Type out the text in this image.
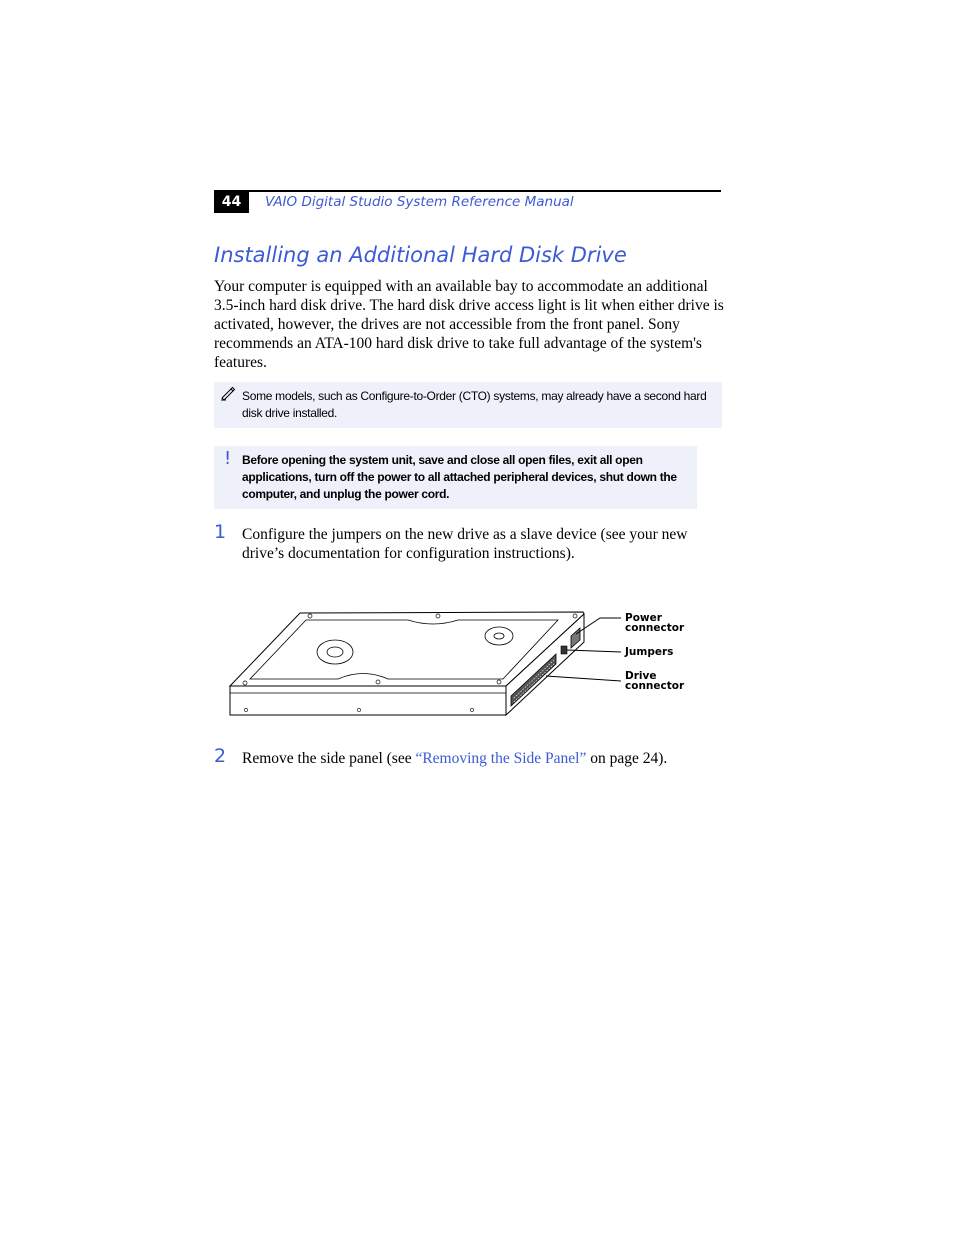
44	VAIO Digital Studio System Reference Manual
Installing an Additional Hard Disk Drive

Your computer is equipped with an available bay to accommodate an additional 3.5-inch hard disk drive. The hard disk drive access light is lit when either drive is activated, however, the drives are not accessible from the front panel. Sony recommends an ATA-100 hard disk drive to take full advantage of the system's features.

Some models, such as Configure-to-Order (CTO) systems, may already have a second hard disk drive installed.
! Before opening the system unit, save and close all open files, exit all open applications, turn off the power to all attached peripheral devices, shut down the computer, and unplug the power cord.
1 Configure the jumpers on the new drive as a slave device (see your new drive’s documentation for configuration instructions).

Power
connector
Jumpers
Drive
connector
2 Remove the side panel (see “Removing the Side Panel” on page 24).
